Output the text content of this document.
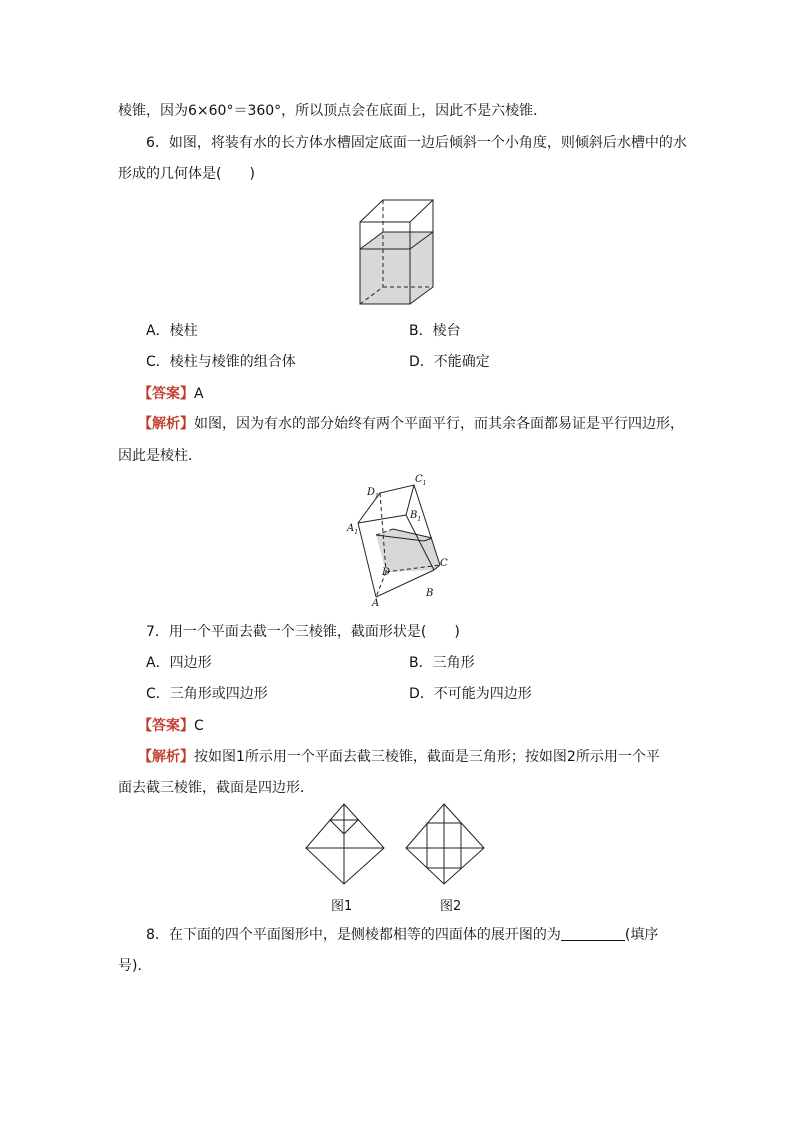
棱锥，因为6×60°＝360°，所以顶点会在底面上，因此不是六棱锥．
6．如图，将装有水的长方体水槽固定底面一边后倾斜一个小角度，则倾斜后水槽中的水
形成的几何体是(　　)
A．棱柱	B．棱台
C．棱柱与棱锥的组合体	D．不能确定
【答案】A
【解析】如图，因为有水的部分始终有两个平面平行，而其余各面都易证是平行四边形，
因此是棱柱．
$D_1$
$C_1$
$A_1$
$B_1$
D
C
A
B
7．用一个平面去截一个三棱锥，截面形状是(　　)
A．四边形	B．三角形
C．三角形或四边形	D．不可能为四边形
【答案】C
【解析】按如图1所示用一个平面去截三棱锥，截面是三角形；按如图2所示用一个平
面去截三棱锥，截面是四边形．
图1	图2
8．在下面的四个平面图形中，是侧棱都相等的四面体的展开图的为	(填序
号)．
